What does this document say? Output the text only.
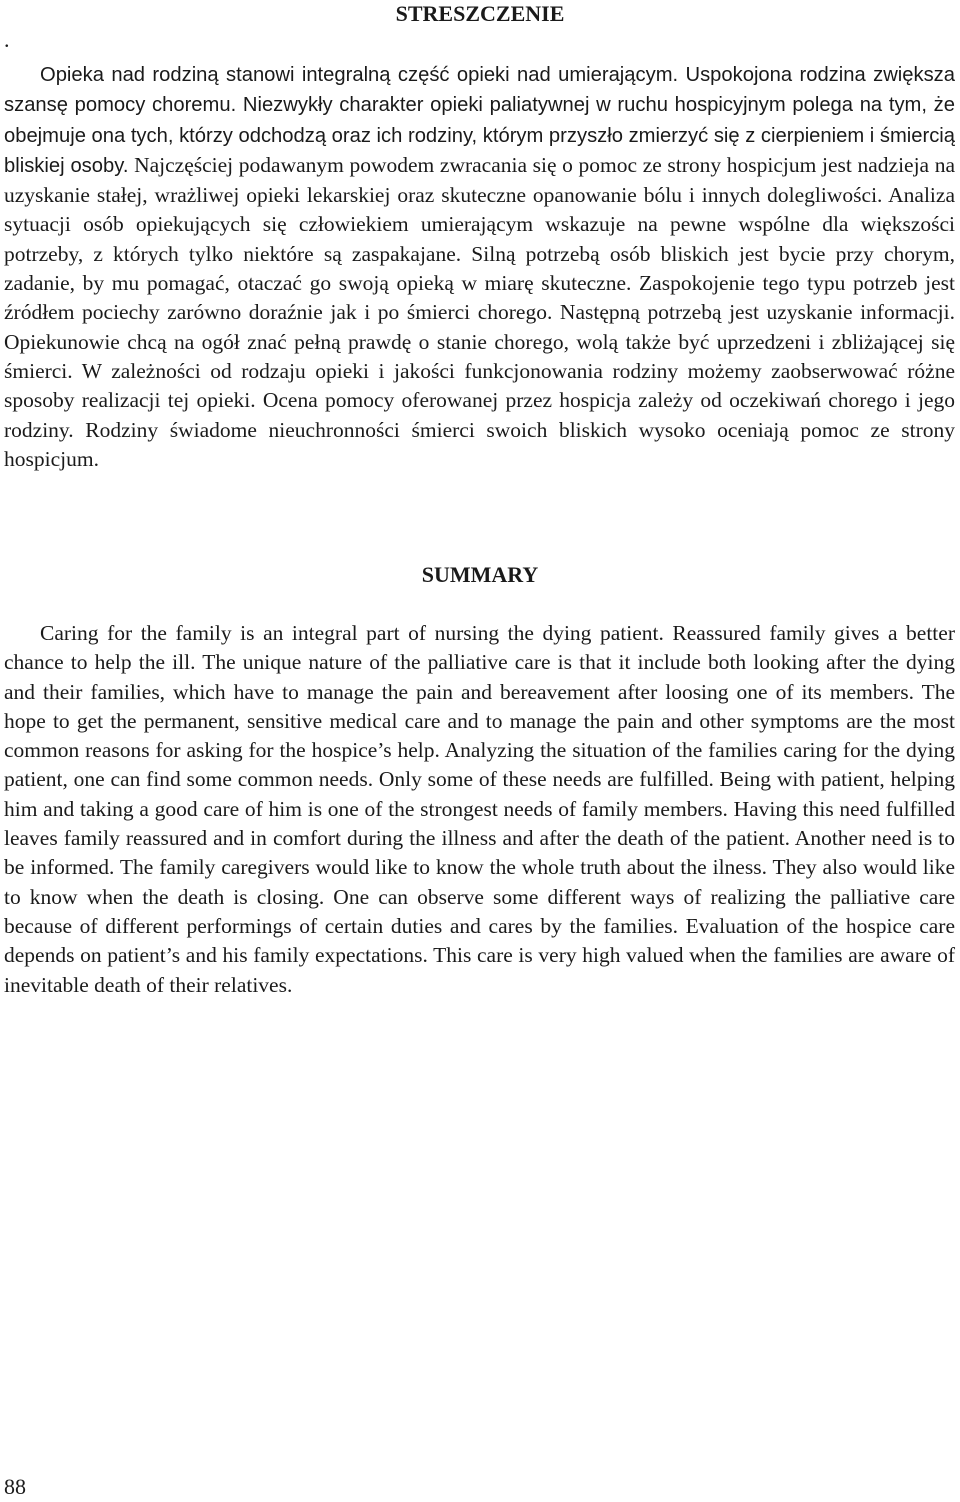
STRESZCZENIE
.

Opieka nad rodziną stanowi integralną część opieki nad umierającym. Uspokojona rodzina zwiększa szansę pomocy choremu. Niezwykły charakter opieki paliatywnej w ruchu hospicyjnym polega na tym, że obejmuje ona tych, którzy odchodzą oraz ich rodziny, którym przyszło zmierzyć się z cierpieniem i śmiercią bliskiej osoby. Najczęściej podawanym powodem zwracania się o pomoc ze strony hospicjum jest nadzieja na uzyskanie stałej, wrażliwej opieki lekarskiej oraz skuteczne opanowanie bólu i innych dolegliwości. Analiza sytuacji osób opiekujących się człowiekiem umierającym wskazuje na pewne wspólne dla większości potrzeby, z których tylko niektóre są zaspakajane. Silną potrzebą osób bliskich jest bycie przy chorym, zadanie, by mu pomagać, otaczać go swoją opieką w miarę skuteczne. Zaspokojenie tego typu potrzeb jest źródłem pociechy zarówno doraźnie jak i po śmierci chorego. Następną potrzebą jest uzyskanie informacji. Opiekunowie chcą na ogół znać pełną prawdę o stanie chorego, wolą także być uprzedzeni i zbliżającej się śmierci. W zależności od rodzaju opieki i jakości funkcjonowania rodziny możemy zaobserwować różne sposoby realizacji tej opieki. Ocena pomocy oferowanej przez hospicja zależy od oczekiwań chorego i jego rodziny. Rodziny świadome nieuchronności śmierci swoich bliskich wysoko oceniają pomoc ze strony hospicjum.

SUMMARY

Caring for the family is an integral part of nursing the dying patient. Reassured family gives a better chance to help the ill. The unique nature of the palliative care is that it include both looking after the dying and their families, which have to manage the pain and bereavement after loosing one of its members. The hope to get the permanent, sensitive medical care and to manage the pain and other symptoms are the most common reasons for asking for the hospice’s help. Analyzing the situation of the families caring for the dying patient, one can find some common needs. Only some of these needs are fulfilled. Being with patient, helping him and taking a good care of him is one of the strongest needs of family members. Having this need fulfilled leaves family reassured and in comfort during the illness and after the death of the patient. Another need is to be informed. The family caregivers would like to know the whole truth about the ilness. They also would like to know when the death is closing. One can observe some different ways of realizing the palliative care because of different performings of certain duties and cares by the families. Evaluation of the hospice care depends on patient’s and his family expectations. This care is very high valued when the families are aware of inevitable death of their relatives.

88
